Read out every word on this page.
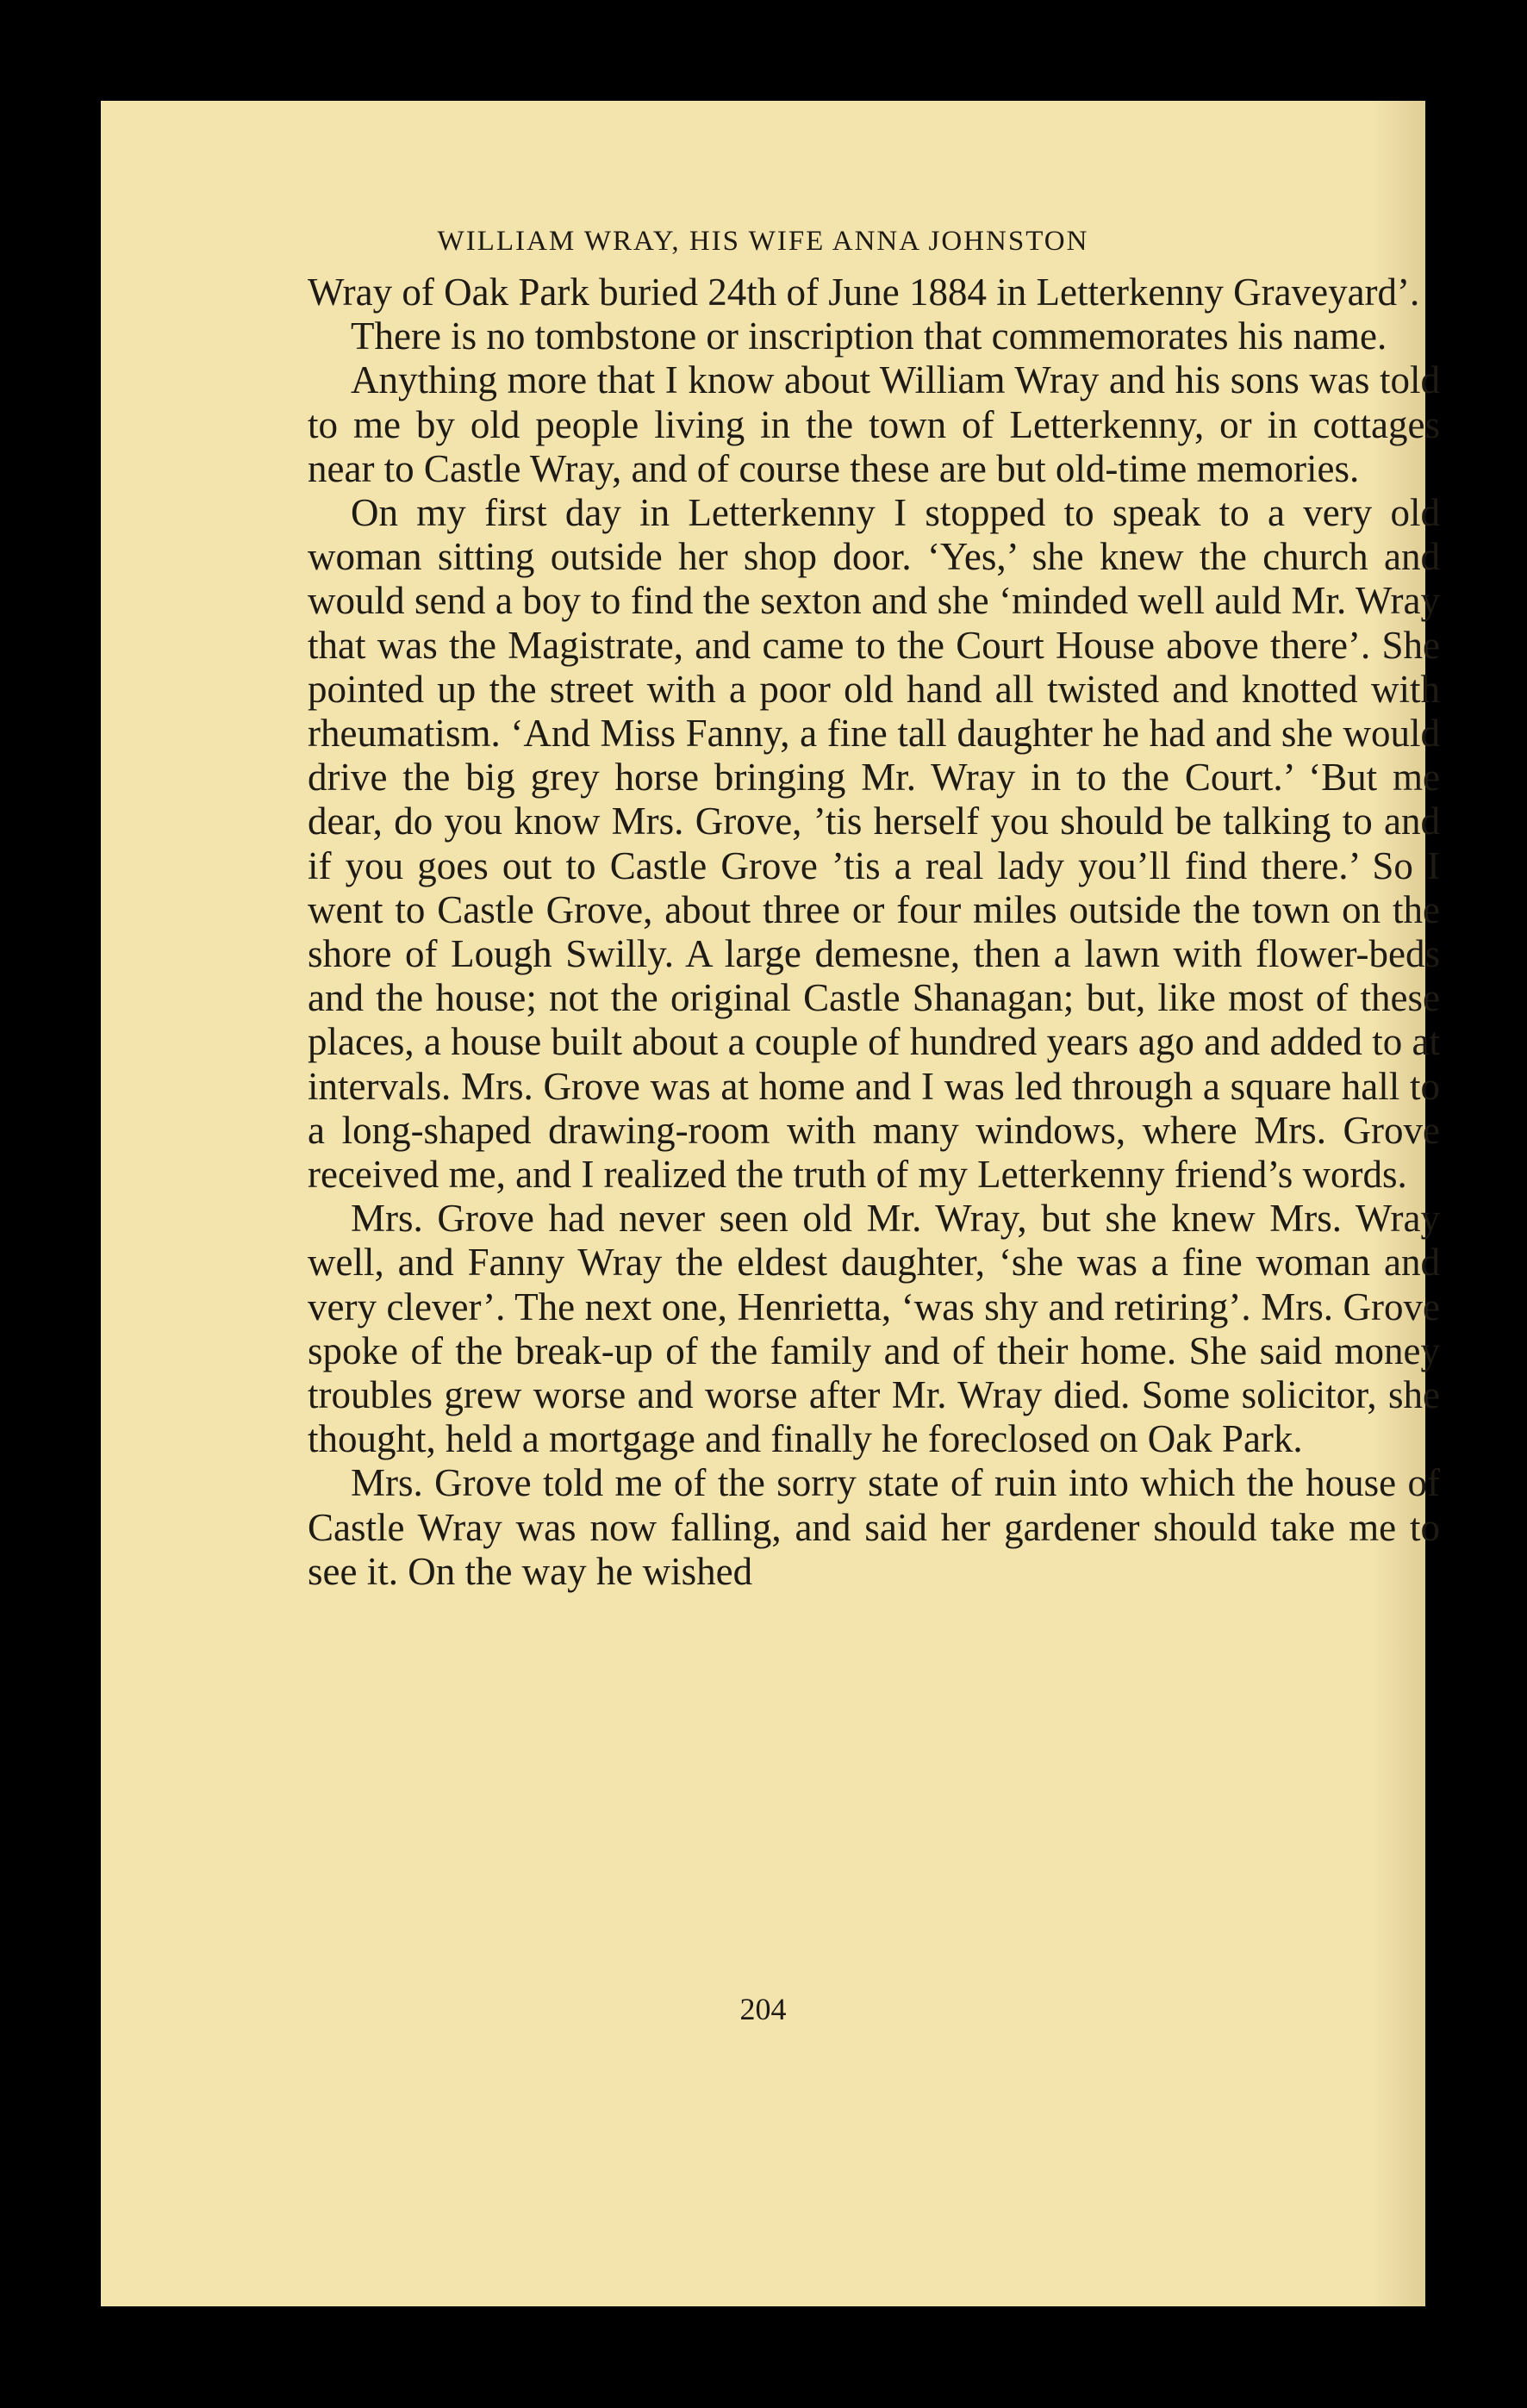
WILLIAM WRAY, HIS WIFE ANNA JOHNSTON

Wray of Oak Park buried 24th of June 1884 in Letterkenny Graveyard’.

There is no tombstone or inscription that commemorates his name.

Anything more that I know about William Wray and his sons was told to me by old people living in the town of Letterkenny, or in cottages near to Castle Wray, and of course these are but old-time memories.

On my first day in Letterkenny I stopped to speak to a very old woman sitting outside her shop door. ‘Yes,’ she knew the church and would send a boy to find the sexton and she ‘minded well auld Mr. Wray that was the Magistrate, and came to the Court House above there’. She pointed up the street with a poor old hand all twisted and knotted with rheumatism. ‘And Miss Fanny, a fine tall daughter he had and she would drive the big grey horse bringing Mr. Wray in to the Court.’ ‘But me dear, do you know Mrs. Grove, ’tis herself you should be talking to and if you goes out to Castle Grove ’tis a real lady you’ll find there.’ So I went to Castle Grove, about three or four miles outside the town on the shore of Lough Swilly. A large demesne, then a lawn with flower-beds and the house; not the original Castle Shanagan; but, like most of these places, a house built about a couple of hundred years ago and added to at intervals. Mrs. Grove was at home and I was led through a square hall to a long-shaped drawing-room with many windows, where Mrs. Grove received me, and I realized the truth of my Letterkenny friend’s words.

Mrs. Grove had never seen old Mr. Wray, but she knew Mrs. Wray well, and Fanny Wray the eldest daughter, ‘she was a fine woman and very clever’. The next one, Henrietta, ‘was shy and retiring’. Mrs. Grove spoke of the break-up of the family and of their home. She said money troubles grew worse and worse after Mr. Wray died. Some solicitor, she thought, held a mortgage and finally he foreclosed on Oak Park.

Mrs. Grove told me of the sorry state of ruin into which the house of Castle Wray was now falling, and said her gardener should take me to see it. On the way he wished

204
